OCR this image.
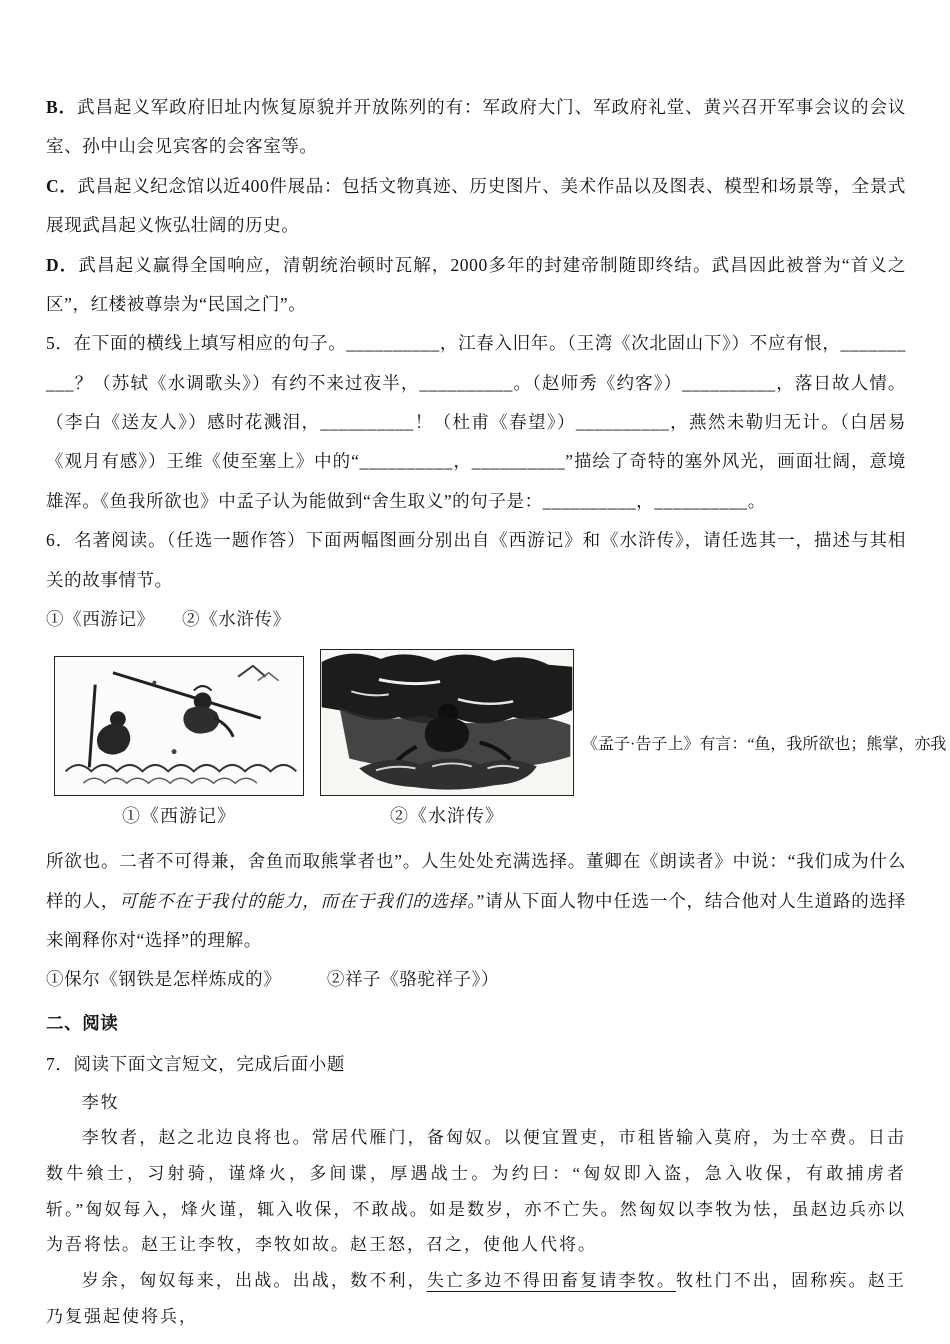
B．武昌起义军政府旧址内恢复原貌并开放陈列的有：军政府大门、军政府礼堂、黄兴召开军事会议的会议室、孙中山会见宾客的会客室等。

C．武昌起义纪念馆以近400件展品：包括文物真迹、历史图片、美术作品以及图表、模型和场景等，全景式展现武昌起义恢弘壮阔的历史。

D．武昌起义赢得全国响应，清朝统治顿时瓦解，2000多年的封建帝制随即终结。武昌因此被誉为“首义之区”，红楼被尊崇为“民国之门”。

5．在下面的横线上填写相应的句子。__________，江春入旧年。（王湾《次北固山下》）不应有恨，__________？（苏轼《水调歌头》）有约不来过夜半，__________。（赵师秀《约客》）__________，落日故人情。（李白《送友人》）感时花溅泪，__________！（杜甫《春望》）__________，燕然未勒归无计。（白居易《观月有感》）王维《使至塞上》中的“__________，__________”描绘了奇特的塞外风光，画面壮阔，意境雄浑。《鱼我所欲也》中孟子认为能做到“舍生取义”的句子是：__________，__________。

6．名著阅读。（任选一题作答）下面两幅图画分别出自《西游记》和《水浒传》，请任选其一，描述与其相关的故事情节。

①《西游记》　　②《水浒传》

①《西游记》	②《水浒传》
《孟子·告子上》有言：“鱼，我所欲也；熊掌，亦我

所欲也。二者不可得兼，舍鱼而取熊掌者也”。人生处处充满选择。董卿在《朗读者》中说：“我们成为什么样的人，可能不在于我付的能力，而在于我们的选择。”请从下面人物中任选一个，结合他对人生道路的选择来阐释你对“选择”的理解。

①保尔《钢铁是怎样炼成的》　　　②祥子《骆驼祥子》）

二、阅读

7．阅读下面文言短文，完成后面小题

李牧

李牧者，赵之北边良将也。常居代雁门，备匈奴。以便宜置吏，市租皆输入莫府，为士卒费。日击数牛飨士，习射骑，谨烽火，多间谍，厚遇战士。为约曰：“匈奴即入盗，急入收保，有敢捕虏者斩。”匈奴每入，烽火谨，辄入收保，不敢战。如是数岁，亦不亡失。然匈奴以李牧为怯，虽赵边兵亦以为吾将怯。赵王让李牧，李牧如故。赵王怒，召之，使他人代将。

岁余，匈奴每来，出战。出战，数不利，失亡多边不得田畜复请李牧。牧杜门不出，固称疾。赵王乃复强起使将兵，
